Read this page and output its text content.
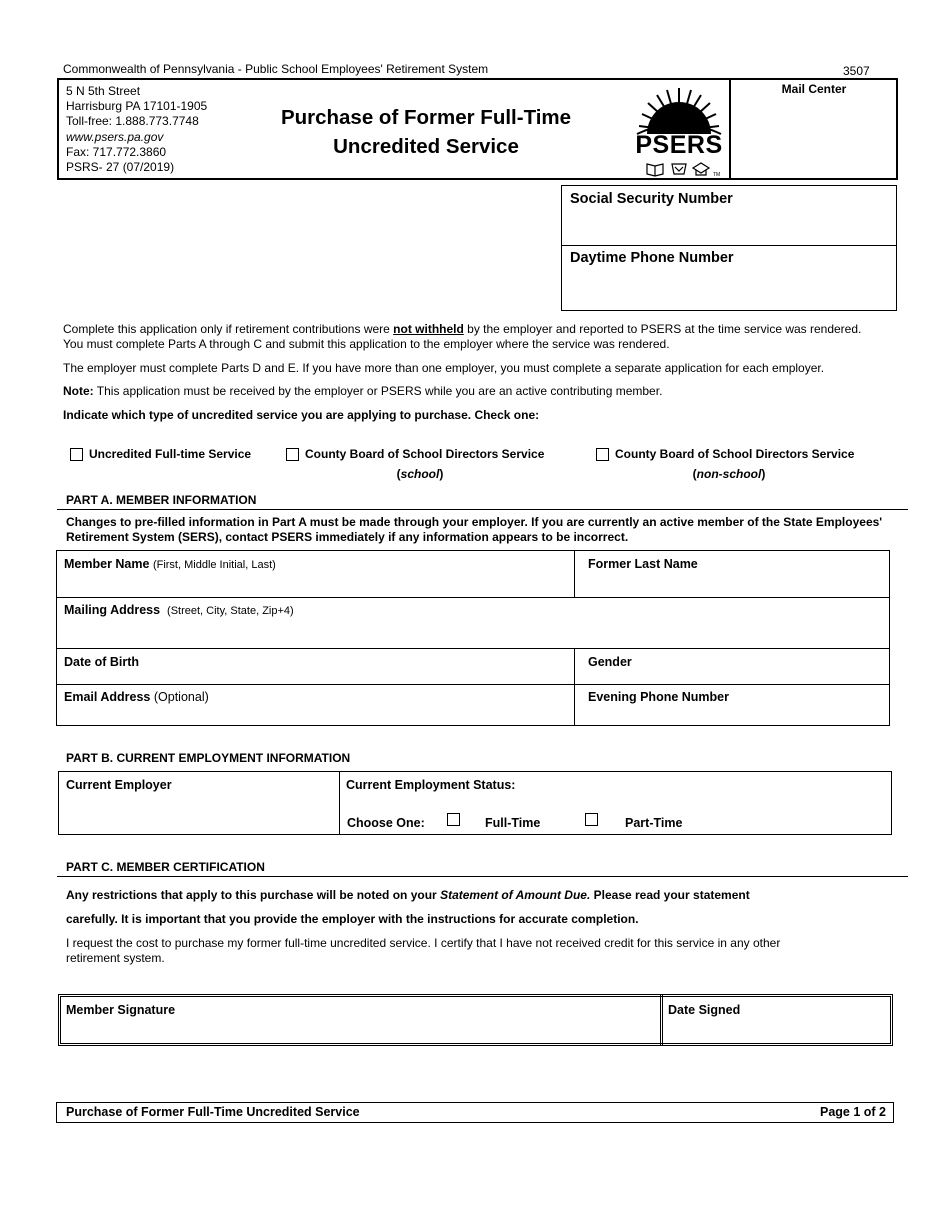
Commonwealth of Pennsylvania - Public School Employees' Retirement System	3507
5 N 5th Street
Harrisburg PA 17101-1905
Toll-free: 1.888.773.7748
www.psers.pa.gov
Fax: 717.772.3860
PSRS- 27 (07/2019)
Purchase of Former Full-Time
Uncredited Service
TM
PSERS
Mail Center
Social Security Number
Daytime Phone Number
Complete this application only if retirement contributions were not withheld by the employer and reported to PSERS at the time service was rendered.
You must complete Parts A through C and submit this application to the employer where the service was rendered.
The employer must complete Parts D and E. If you have more than one employer, you must complete a separate application for each employer.
Note: This application must be received by the employer or PSERS while you are an active contributing member.
Indicate which type of uncredited service you are applying to purchase. Check one:
Uncredited Full-time Service	County Board of School Directors Service
(school)
County Board of School Directors Service
(non-school)
PART A. MEMBER INFORMATION
Changes to pre-filled information in Part A must be made through your employer. If you are currently an active member of the State Employees' Retirement System (SERS), contact PSERS immediately if any information appears to be incorrect.
Member Name (First, Middle Initial, Last)	Former Last Name
Mailing Address (Street, City, State, Zip+4)
Date of Birth	Gender
Email Address (Optional)	Evening Phone Number
PART B. CURRENT EMPLOYMENT INFORMATION
Current Employer	Current Employment Status:
Choose One:	Full-Time	Part-Time
PART C. MEMBER CERTIFICATION
Any restrictions that apply to this purchase will be noted on your Statement of Amount Due. Please read your statement
carefully. It is important that you provide the employer with the instructions for accurate completion.
I request the cost to purchase my former full-time uncredited service. I certify that I have not received credit for this service in any other retirement system.
Member Signature	Date Signed
Purchase of Former Full-Time Uncredited Service	Page 1 of 2
